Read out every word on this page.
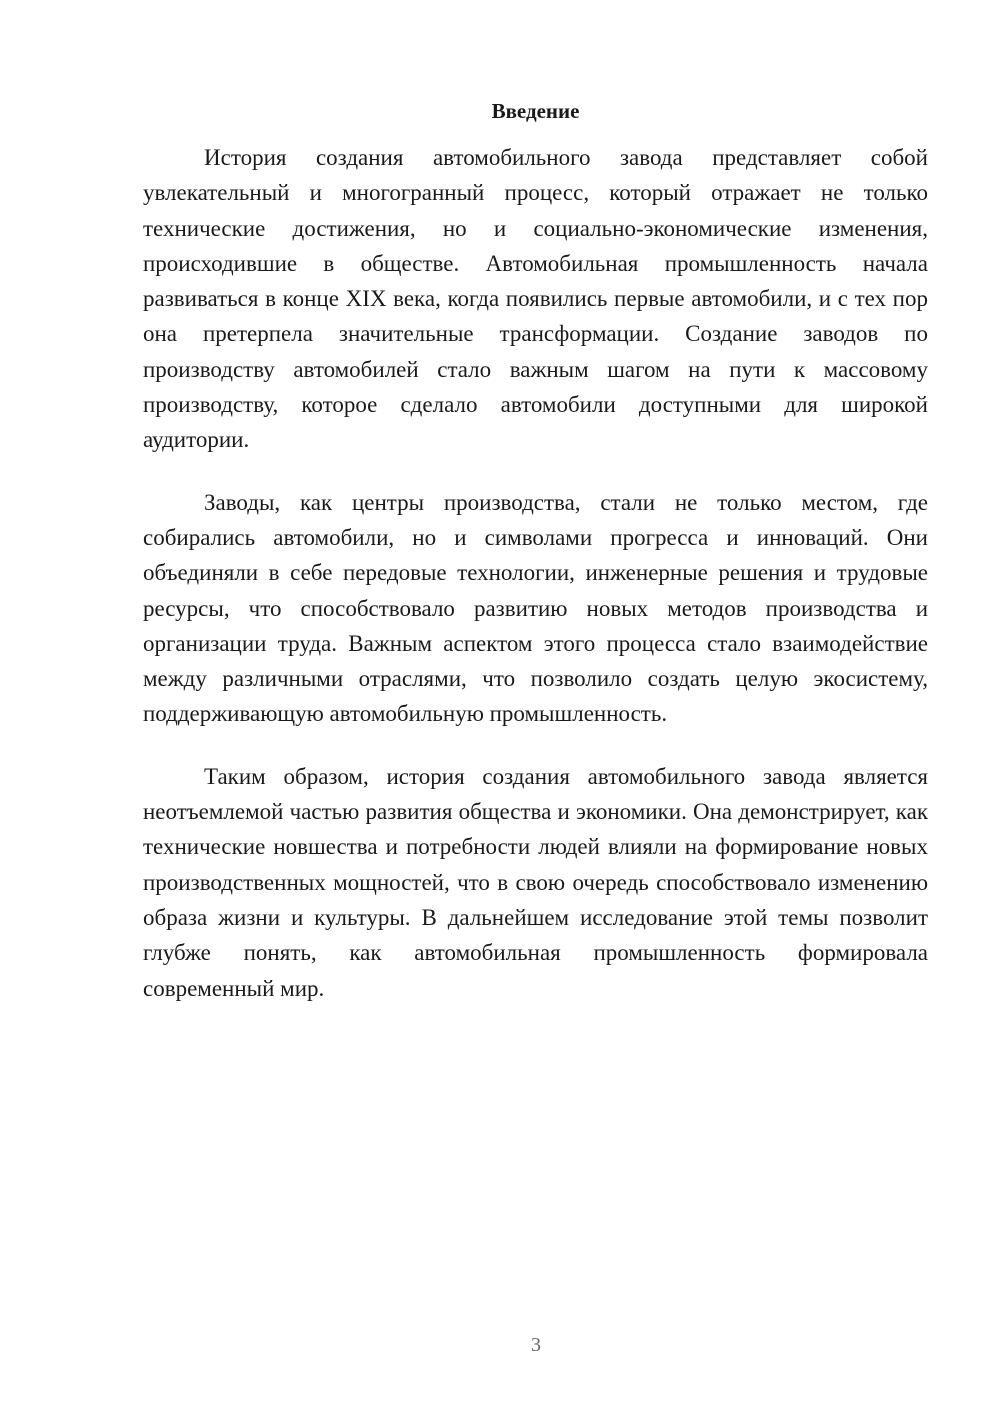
Введение

История создания автомобильного завода представляет собой увлекательный и многогранный процесс, который отражает не только технические достижения, но и социально-экономические изменения, происходившие в обществе. Автомобильная промышленность начала развиваться в конце XIX века, когда появились первые автомобили, и с тех пор она претерпела значительные трансформации. Создание заводов по производству автомобилей стало важным шагом на пути к массовому производству, которое сделало автомобили доступными для широкой аудитории.

Заводы, как центры производства, стали не только местом, где собирались автомобили, но и символами прогресса и инноваций. Они объединяли в себе передовые технологии, инженерные решения и трудовые ресурсы, что способствовало развитию новых методов производства и организации труда. Важным аспектом этого процесса стало взаимодействие между различными отраслями, что позволило создать целую экосистему, поддерживающую автомобильную промышленность.

Таким образом, история создания автомобильного завода является неотъемлемой частью развития общества и экономики. Она демонстрирует, как технические новшества и потребности людей влияли на формирование новых производственных мощностей, что в свою очередь способствовало изменению образа жизни и культуры. В дальнейшем исследование этой темы позволит глубже понять, как автомобильная промышленность формировала современный мир.

3
